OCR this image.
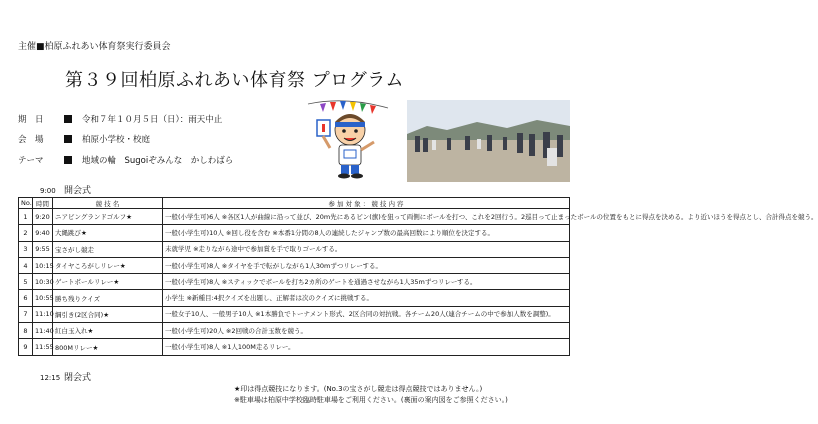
主催■柏原ふれあい体育祭実行委員会
第３９回柏原ふれあい体育祭 プログラム
期　日	令和７年１０月５日（日）：雨天中止
会　場	柏原小学校・校庭
テーマ	地域の輪　Sugoiぞみんな　かしわばら
9:00 開会式
No.	時間	競 技 名	参 加 対 象 ： 競 技 内 容
1	9:20	ニアピングランドゴルフ★	一般(小学生可)6人 ※各区1人が曲線に沿って並び、20m先にあるピン(旗)を狙って両側にボールを打つ、これを2回行う。2巡目って止まったボールの位置をもとに得点を決める。より近いほうを得点とし、合計得点を競う。
2	9:40	大縄跳び★	一般(小学生可)10人 ※回し役を含む ※本番1分間の8人の連続したジャンプ数の最高回数により順位を決定する。
3	9:55	宝さがし競走	未就学児 ※走りながら途中で参加賞を手で取りゴールする。
4	10:15	タイヤころがしリレー★	一般(小学生可)8人 ※タイヤを手で転がしながら1人30mずつリレーする。
5	10:30	ゲートボールリレー★	一般(小学生可)8人 ※スティックでボールを打ち2カ所のゲートを通過させながら1人35mずつリレーする。
6	10:55	勝ち残りクイズ	小学生 ※新種目:4択クイズを出題し、正解者は次のクイズに挑戦する。
7	11:10	綱引き(2区合同)★	一般女子10人、一般男子10人 ※1本勝負でトーナメント形式、2区合同の対抗戦。各チーム20人(連合チームの中で参加人数を調整)。
8	11:40	紅白玉入れ★	一般(小学生可)20人 ※2回戦の合計玉数を競う。
9	11:55	800Mリレー★	一般(小学生可)8人 ※1人100M走るリレー。
12:15 閉会式
★印は得点競技になります。(No.3の宝さがし競走は得点競技ではありません。)
※駐車場は柏原中学校臨時駐車場をご利用ください。(裏面の案内図をご参照ください。)
